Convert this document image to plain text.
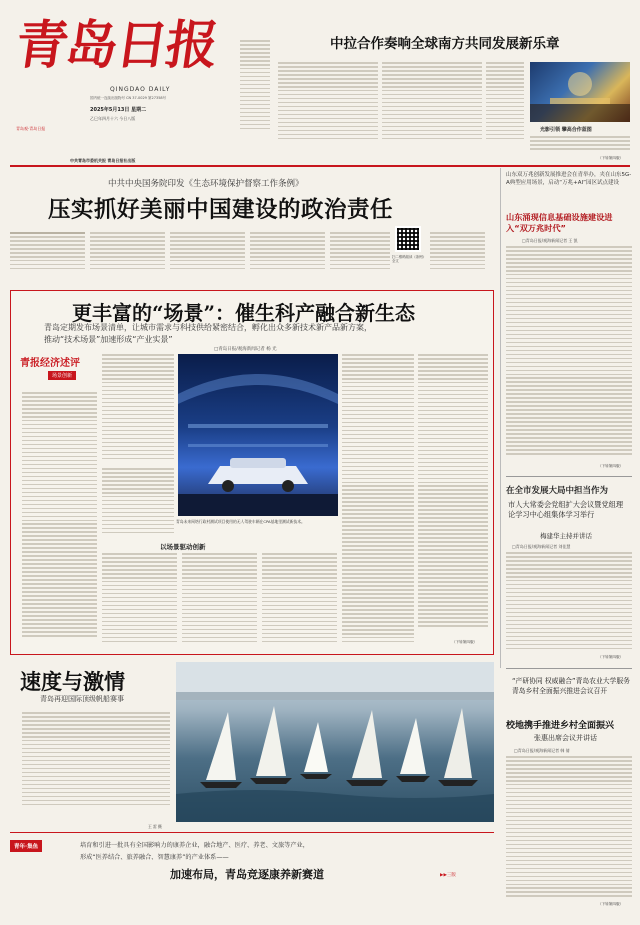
青岛日报
QINGDAO DAILY
国内统一连续出版物号 CN 37-0029 第27358号
2025年5月13日 星期二
乙巳年四月十六 今日八版
中共青岛市委机关报 青岛日报社出版
青岛观·青岛日报
中拉合作奏响全球南方共同发展新乐章
光影引领 攀高合作蓝图
（下转第四版）
中共中央国务院印发《生态环境保护督察工作条例》
压实抓好美丽中国建设的政治责任
扫二维码阅读《条例》全文
更丰富的“场景”：催生科产融合新生态
青岛定期发布场景清单，让城市需求与科技供给紧密结合，孵化出众多新技术新产品新方案，
推动“技术场景”加速形成“产业实景”
□青岛日报/观海新闻记者 杨 光
青报经济述评
场景创新
青岛未来网络行政村测试项目使用的无人驾驶车辆在CPA基地里测试新技术。
以场景驱动创新
（下转第四版）
山东双万兆创新发展推进会在青举办，夹在山东5G-A典型应用场景，启动“万兆+AI”园区试点建设
山东涌现信息基础设施建设进入“双万兆时代”
□青岛日报/观海新闻记者 王 凯
（下转第四版）
在全市发展大局中担当作为
市人大常委会党组扩大会议暨党组理论学习中心组集体学习举行
梅建华主持并讲话
□青岛日报/观海新闻记者 刘佳慧
（下转第四版）
“产研协同 权威融合”青岛农业大学服务青岛乡村全面振兴推进会议召开
校地携手推进乡村全面振兴
张惠出席会议并讲话
□青岛日报/观海新闻记者 韩 倩
（下转第四版）
速度与激情
青岛再迎国际顶级帆船赛事
王 雷 摄
青年·集鱼	培育和引进一批具有全国影响力的康养企业，融合地产、医疗、养老、文旅等产业，
形成“医养结合、旅养融合、智慧康养”的产业体系——
加速布局，青岛竞逐康养新赛道	▶▶三版
